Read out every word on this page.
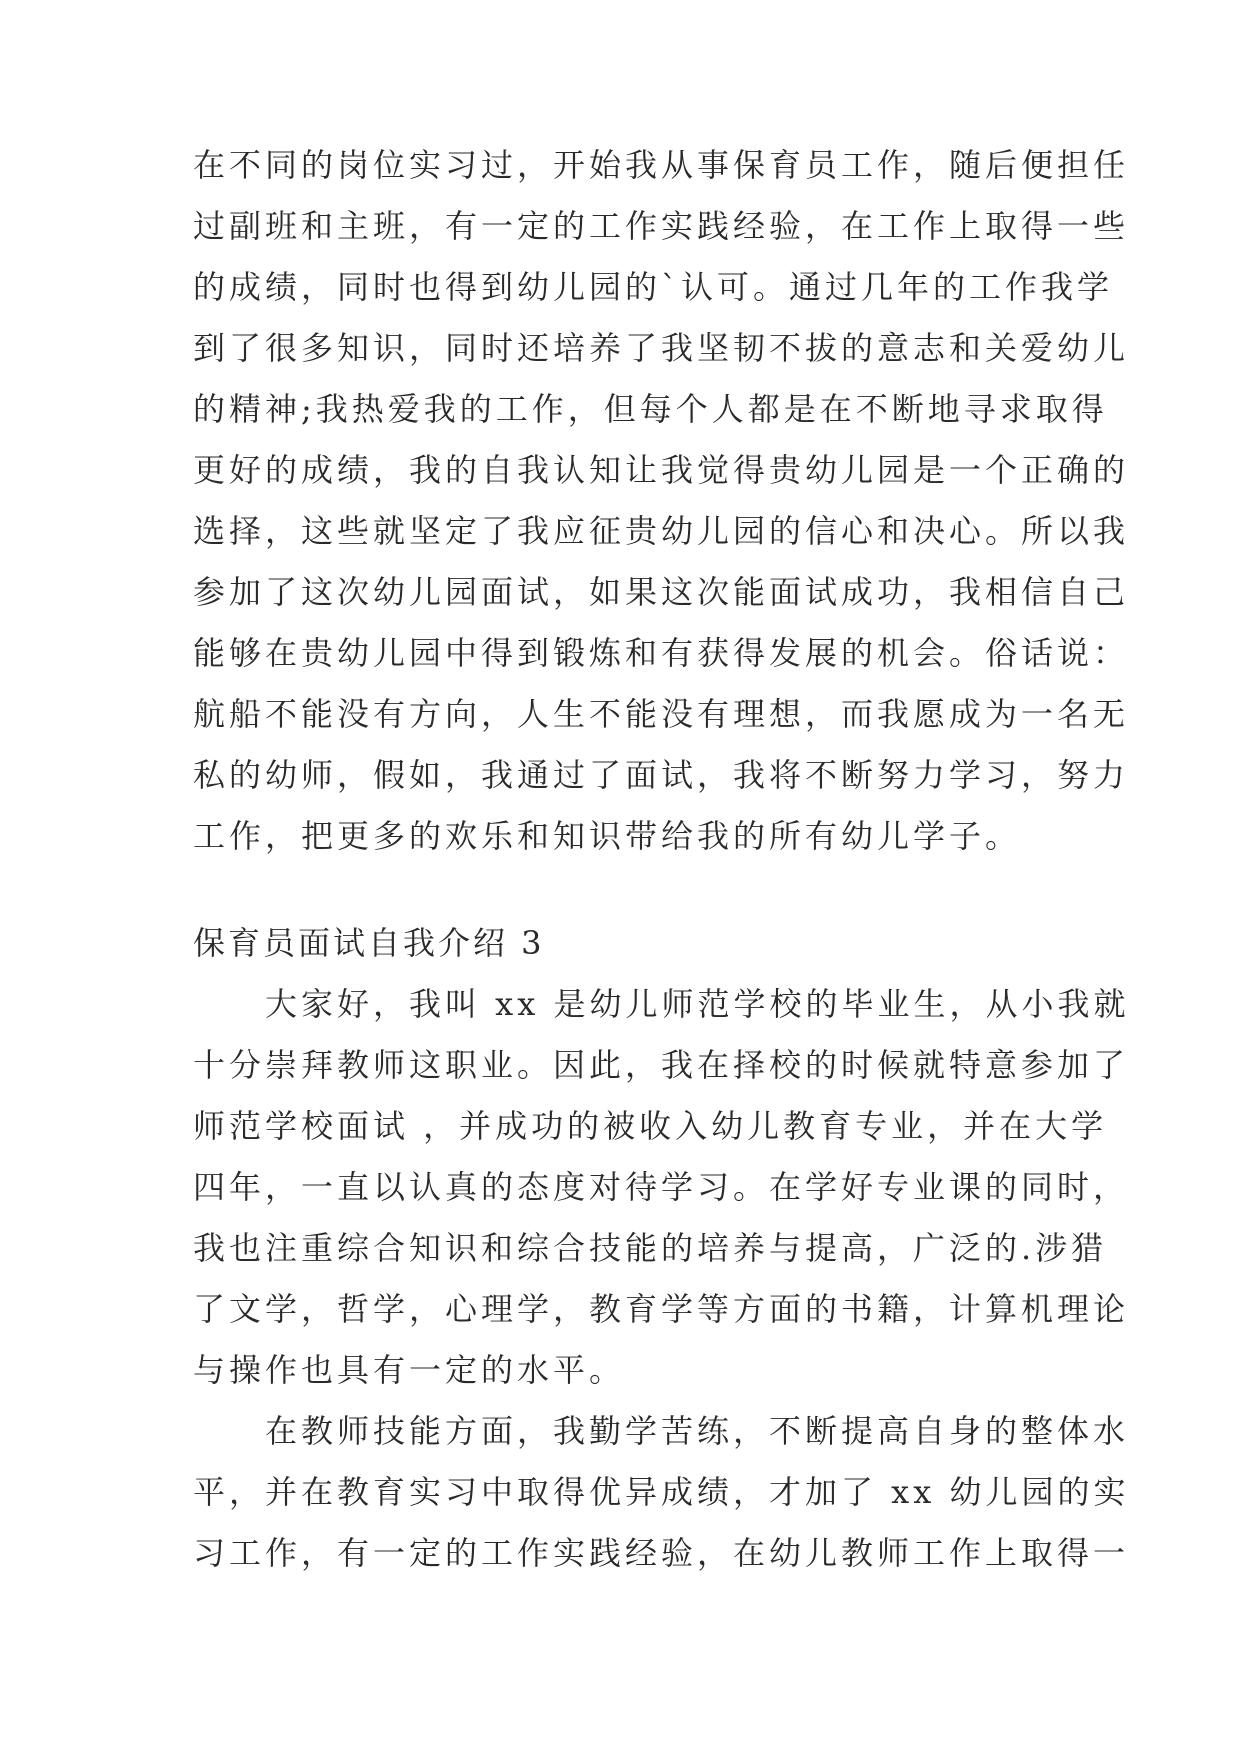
在不同的岗位实习过，开始我从事保育员工作，随后便担任
过副班和主班，有一定的工作实践经验，在工作上取得一些
的成绩，同时也得到幼儿园的`认可。通过几年的工作我学
到了很多知识，同时还培养了我坚韧不拔的意志和关爱幼儿
的精神;我热爱我的工作，但每个人都是在不断地寻求取得
更好的成绩，我的自我认知让我觉得贵幼儿园是一个正确的
选择，这些就坚定了我应征贵幼儿园的信心和决心。所以我
参加了这次幼儿园面试，如果这次能面试成功，我相信自己
能够在贵幼儿园中得到锻炼和有获得发展的机会。俗话说：
航船不能没有方向，人生不能没有理想，而我愿成为一名无
私的幼师，假如，我通过了面试，我将不断努力学习，努力
工作，把更多的欢乐和知识带给我的所有幼儿学子。
保育员面试自我介绍 3
　　大家好，我叫 xx 是幼儿师范学校的毕业生，从小我就
十分崇拜教师这职业。因此，我在择校的时候就特意参加了
师范学校面试 ，并成功的被收入幼儿教育专业，并在大学
四年，一直以认真的态度对待学习。在学好专业课的同时，
我也注重综合知识和综合技能的培养与提高，广泛的.涉猎
了文学，哲学，心理学，教育学等方面的书籍，计算机理论
与操作也具有一定的水平。
　　在教师技能方面，我勤学苦练，不断提高自身的整体水
平，并在教育实习中取得优异成绩，才加了 xx 幼儿园的实
习工作，有一定的工作实践经验，在幼儿教师工作上取得一
